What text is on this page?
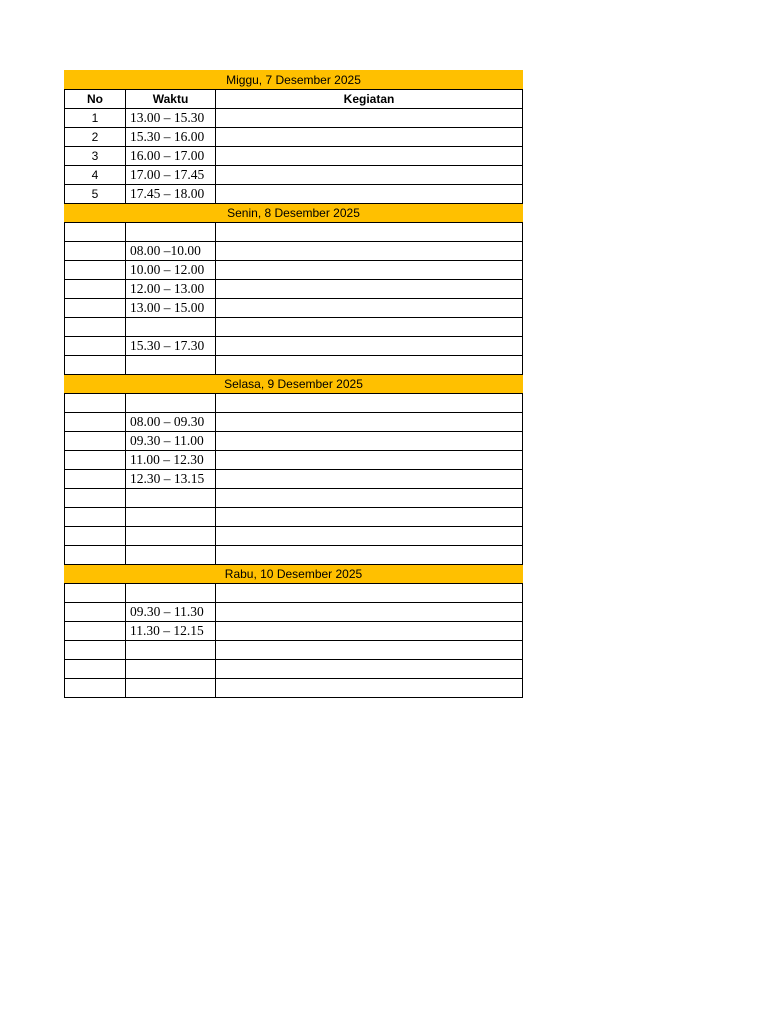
Miggu, 7 Desember 2025		
No	Waktu	Kegiatan
1	13.00 – 15.30	
2	15.30 – 16.00	
3	16.00 – 17.00	
4	17.00 – 17.45	
5	17.45 – 18.00	
Senin, 8 Desember 2025		

	08.00 –10.00	
	10.00 – 12.00	
	12.00 – 13.00	
	13.00 – 15.00	

	15.30 – 17.30	

Selasa, 9 Desember 2025		

	08.00 – 09.30	
	09.30 – 11.00	
	11.00 – 12.30	
	12.30 – 13.15	

Rabu, 10 Desember 2025		

	09.30 – 11.30	
	11.30 – 12.15	
